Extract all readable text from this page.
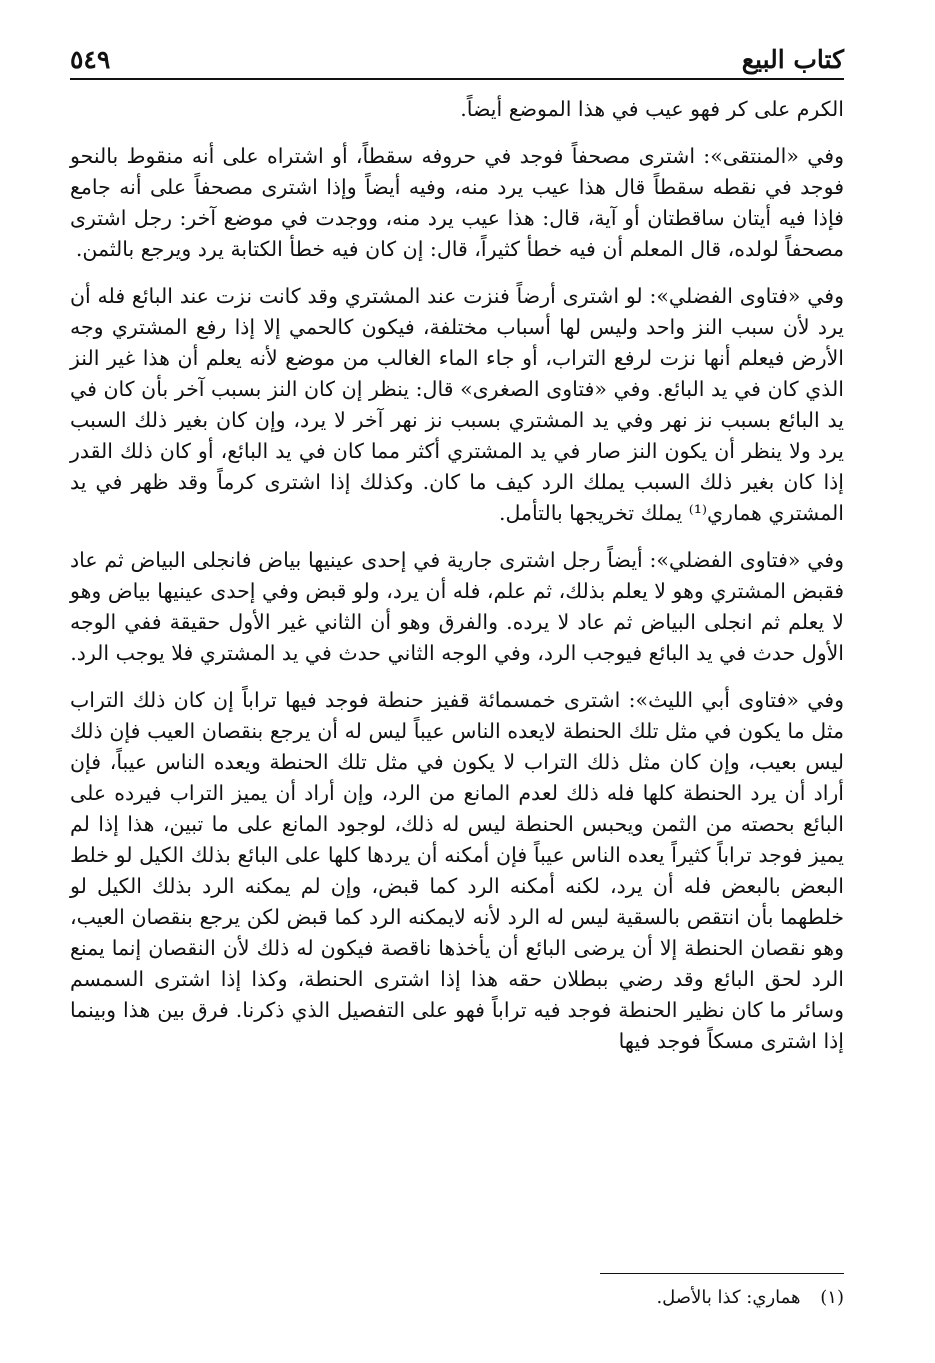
كتاب البيع
٥٤٩

الكرم على كر فهو عيب في هذا الموضع أيضاً.

وفي «المنتقى»: اشترى مصحفاً فوجد في حروفه سقطاً، أو اشتراه على أنه منقوط بالنحو فوجد في نقطه سقطاً قال هذا عيب يرد منه، وفيه أيضاً وإذا اشترى مصحفاً على أنه جامع فإذا فيه أيتان ساقطتان أو آية، قال: هذا عيب يرد منه، ووجدت في موضع آخر: رجل اشترى مصحفاً لولده، قال المعلم أن فيه خطأ كثيراً، قال: إن كان فيه خطأ الكتابة يرد ويرجع بالثمن.

وفي «فتاوى الفضلي»: لو اشترى أرضاً فنزت عند المشتري وقد كانت نزت عند البائع فله أن يرد لأن سبب النز واحد وليس لها أسباب مختلفة، فيكون كالحمي إلا إذا رفع المشتري وجه الأرض فيعلم أنها نزت لرفع التراب، أو جاء الماء الغالب من موضع لأنه يعلم أن هذا غير النز الذي كان في يد البائع. وفي «فتاوى الصغرى» قال: ينظر إن كان النز بسبب آخر بأن كان في يد البائع بسبب نز نهر وفي يد المشتري بسبب نز نهر آخر لا يرد، وإن كان بغير ذلك السبب يرد ولا ينظر أن يكون النز صار في يد المشتري أكثر مما كان في يد البائع، أو كان ذلك القدر إذا كان بغير ذلك السبب يملك الرد كيف ما كان. وكذلك إذا اشترى كرماً وقد ظهر في يد المشتري هماري⁽¹⁾ يملك تخريجها بالتأمل.

وفي «فتاوى الفضلي»: أيضاً رجل اشترى جارية في إحدى عينيها بياض فانجلى البياض ثم عاد فقبض المشتري وهو لا يعلم بذلك، ثم علم، فله أن يرد، ولو قبض وفي إحدى عينيها بياض وهو لا يعلم ثم انجلى البياض ثم عاد لا يرده. والفرق وهو أن الثاني غير الأول حقيقة ففي الوجه الأول حدث في يد البائع فيوجب الرد، وفي الوجه الثاني حدث في يد المشتري فلا يوجب الرد.

وفي «فتاوى أبي الليث»: اشترى خمسمائة قفيز حنطة فوجد فيها تراباً إن كان ذلك التراب مثل ما يكون في مثل تلك الحنطة لايعده الناس عيباً ليس له أن يرجع بنقصان العيب فإن ذلك ليس بعيب، وإن كان مثل ذلك التراب لا يكون في مثل تلك الحنطة ويعده الناس عيباً، فإن أراد أن يرد الحنطة كلها فله ذلك لعدم المانع من الرد، وإن أراد أن يميز التراب فيرده على البائع بحصته من الثمن ويحبس الحنطة ليس له ذلك، لوجود المانع على ما تبين، هذا إذا لم يميز فوجد تراباً كثيراً يعده الناس عيباً فإن أمكنه أن يردها كلها على البائع بذلك الكيل لو خلط البعض بالبعض فله أن يرد، لكنه أمكنه الرد كما قبض، وإن لم يمكنه الرد بذلك الكيل لو خلطهما بأن انتقص بالسقية ليس له الرد لأنه لايمكنه الرد كما قبض لكن يرجع بنقصان العيب، وهو نقصان الحنطة إلا أن يرضى البائع أن يأخذها ناقصة فيكون له ذلك لأن النقصان إنما يمنع الرد لحق البائع وقد رضي ببطلان حقه هذا إذا اشترى الحنطة، وكذا إذا اشترى السمسم وسائر ما كان نظير الحنطة فوجد فيه تراباً فهو على التفصيل الذي ذكرنا. فرق بين هذا وبينما إذا اشترى مسكاً فوجد فيها

(١) هماري: كذا بالأصل.
